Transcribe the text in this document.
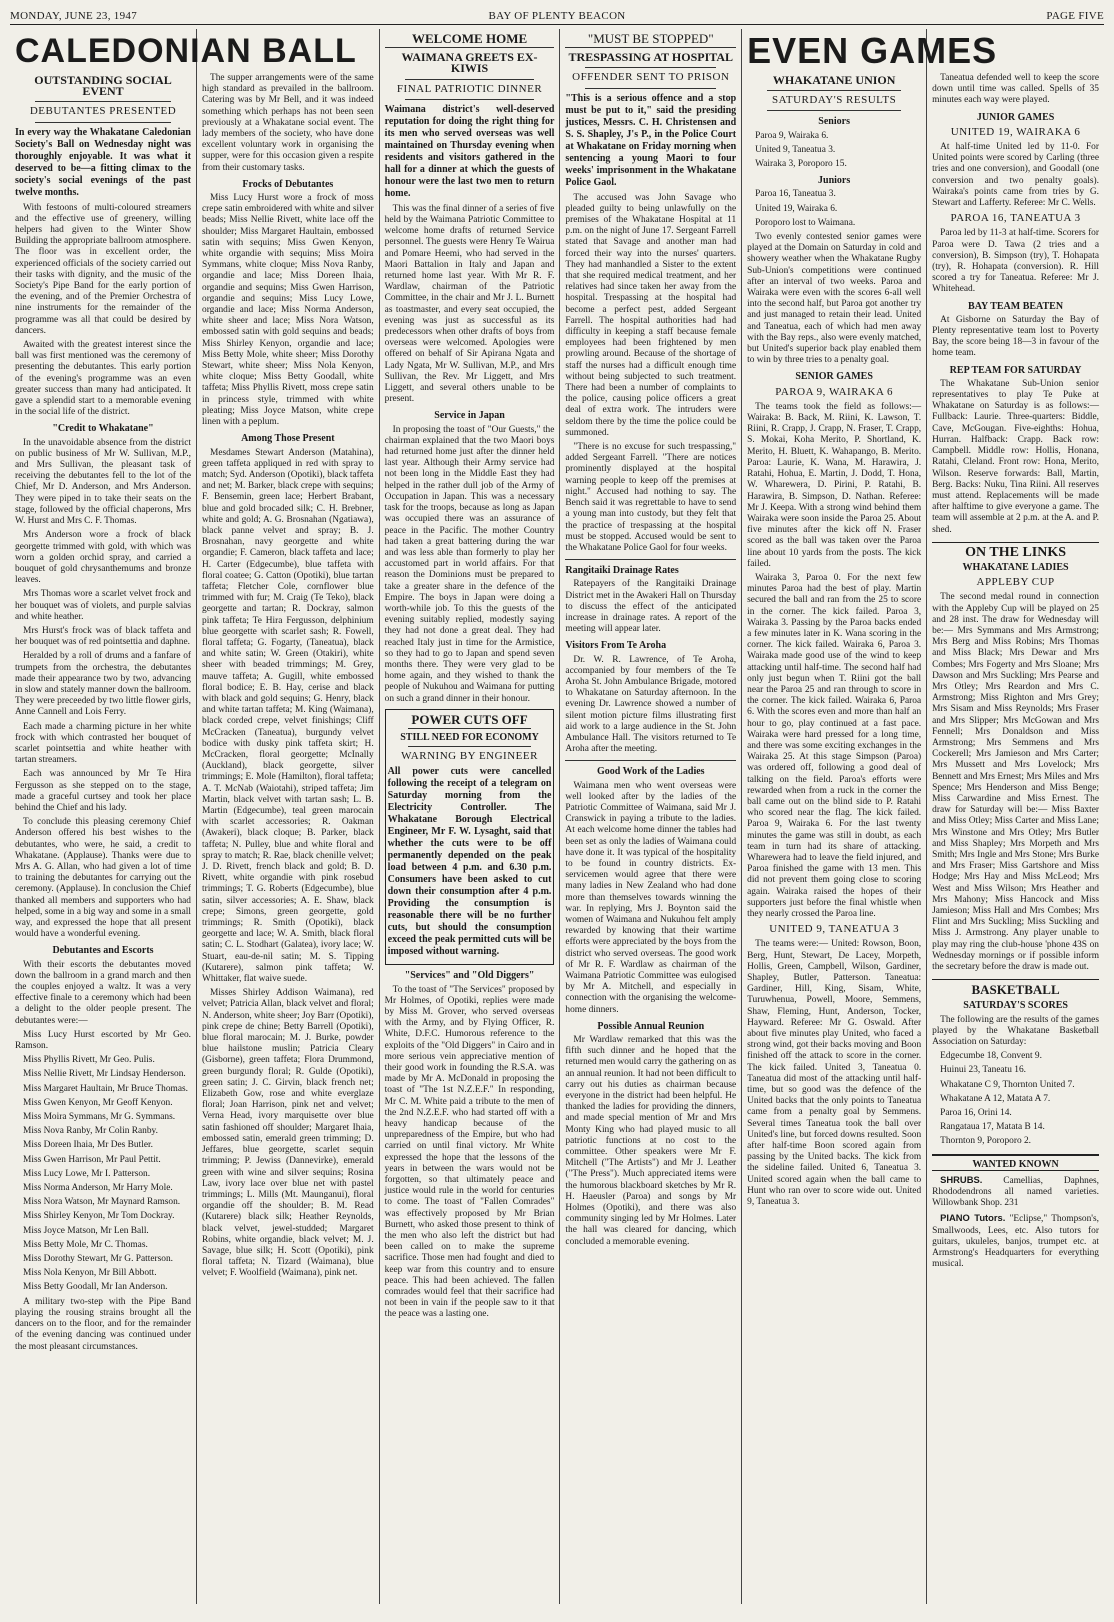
MONDAY, JUNE 23, 1947	BAY OF PLENTY BEACON	PAGE FIVE
CALEDONIAN BALL
OUTSTANDING SOCIAL EVENT
DEBUTANTES PRESENTED
In every way the Whakatane Caledonian Society's Ball on Wednesday night was thoroughly enjoyable. It was what it deserved to be—a fitting climax to the society's social evenings of the past twelve months.

With festoons of multi-coloured streamers and the effective use of greenery, willing helpers had given to the Winter Show Building the appropriate ballroom atmosphere. The floor was in excellent order, the experienced officials of the society carried out their tasks with dignity, and the music of the Society's Pipe Band for the early portion of the evening, and of the Premier Orchestra of nine instruments for the remainder of the programme was all that could be desired by dancers.

Awaited with the greatest interest since the ball was first mentioned was the ceremony of presenting the debutantes. This early portion of the evening's programme was an even greater success than many had anticipated. It gave a splendid start to a memorable evening in the social life of the district.

"Credit to Whakatane"

In the unavoidable absence from the district on public business of Mr W. Sullivan, M.P., and Mrs Sullivan, the pleasant task of receiving the debutantes fell to the lot of the Chief, Mr D. Anderson, and Mrs Anderson. They were piped in to take their seats on the stage, followed by the official chaperons, Mrs W. Hurst and Mrs C. F. Thomas.

Mrs Anderson wore a frock of black georgette trimmed with gold, with which was worn a golden orchid spray, and carried a bouquet of gold chrysanthemums and bronze leaves.

Mrs Thomas wore a scarlet velvet frock and her bouquet was of violets, and purple salvias and white heather.

Mrs Hurst's frock was of black taffeta and her bouquet was of red pointsettia and daphne.

Heralded by a roll of drums and a fanfare of trumpets from the orchestra, the debutantes made their appearance two by two, advancing in slow and stately manner down the ballroom. They were preceeded by two little flower girls, Anne Cannell and Lois Ferry.

Each made a charming picture in her white frock with which contrasted her bouquet of scarlet pointsettia and white heather with tartan streamers.

Each was announced by Mr Te Hira Fergusson as she stepped on to the stage, made a graceful curtsey and took her place behind the Chief and his lady.

To conclude this pleasing ceremony Chief Anderson offered his best wishes to the debutantes, who were, he said, a credit to Whakatane. (Applause). Thanks were due to Mrs A. G. Allan, who had given a lot of time to training the debutantes for carrying out the ceremony. (Applause). In conclusion the Chief thanked all members and supporters who had helped, some in a big way and some in a small way, and expressed the hope that all present would have a wonderful evening.

Debutantes and Escorts

With their escorts the debutantes moved down the ballroom in a grand march and then the couples enjoyed a waltz. It was a very effective finale to a ceremony which had been a delight to the older people present. The debutantes were:—

Miss Lucy Hurst escorted by Mr Geo. Ramson.

Miss Phyllis Rivett, Mr Geo. Pulis.

Miss Nellie Rivett, Mr Lindsay Henderson.

Miss Margaret Haultain, Mr Bruce Thomas.

Miss Gwen Kenyon, Mr Geoff Kenyon.

Miss Moira Symmans, Mr G. Symmans.

Miss Nova Ranby, Mr Colin Ranby.

Miss Doreen Ihaia, Mr Des Butler.

Miss Gwen Harrison, Mr Paul Pettit.

Miss Lucy Lowe, Mr I. Patterson.

Miss Norma Anderson, Mr Harry Mole.

Miss Nora Watson, Mr Maynard Ramson.

Miss Shirley Kenyon, Mr Tom Dockray.

Miss Joyce Matson, Mr Len Ball.

Miss Betty Mole, Mr C. Thomas.

Miss Dorothy Stewart, Mr G. Patterson.

Miss Nola Kenyon, Mr Bill Abbott.

Miss Betty Goodall, Mr Ian Anderson.

A military two-step with the Pipe Band playing the rousing strains brought all the dancers on to the floor, and for the remainder of the evening dancing was continued under the most pleasant circumstances.

The supper arrangements were of the same high standard as prevailed in the ballroom. Catering was by Mr Bell, and it was indeed something which perhaps has not been seen previously at a Whakatane social event. The lady members of the society, who have done excellent voluntary work in organising the supper, were for this occasion given a respite from their customary tasks.

Frocks of Debutantes

Miss Lucy Hurst wore a frock of moss crepe satin embroidered with white and silver beads; Miss Nellie Rivett, white lace off the shoulder; Miss Margaret Haultain, embossed satin with sequins; Miss Gwen Kenyon, white organdie with sequins; Miss Moira Symmans, white cloque; Miss Nova Ranby, organdie and lace; Miss Doreen Ihaia, organdie and sequins; Miss Gwen Harrison, organdie and sequins; Miss Lucy Lowe, organdie and lace; Miss Norma Anderson, white sheer and lace; Miss Nora Watson, embossed satin with gold sequins and beads; Miss Shirley Kenyon, organdie and lace; Miss Betty Mole, white sheer; Miss Dorothy Stewart, white sheer; Miss Nola Kenyon, white cloque; Miss Betty Goodall, white taffeta; Miss Phyllis Rivett, moss crepe satin in princess style, trimmed with white pleating; Miss Joyce Matson, white crepe linen with a peplum.

Among Those Present

Mesdames Stewart Anderson (Matahina), green taffeta appliqued in red with spray to match; Syd. Anderson (Opotiki), black taffeta and net; M. Barker, black crepe with sequins; F. Bensemin, green lace; Herbert Brabant, blue and gold brocaded silk; C. H. Brebner, white and gold; A. G. Brosnahan (Ngatiawa), black panne velvet and spray; B. J. Brosnahan, navy georgette and white organdie; F. Cameron, black taffeta and lace; H. Carter (Edgecumbe), blue taffeta with floral coatee; G. Catton (Opotiki), blue tartan taffeta; Fletcher Cole, cornflower blue trimmed with fur; M. Craig (Te Teko), black georgette and tartan; R. Dockray, salmon pink taffeta; Te Hira Fergusson, delphinium blue georgette with scarlet sash; R. Fowell, floral taffeta; G. Fogarty, (Taneatua), black and white satin; W. Green (Otakiri), white sheer with beaded trimmings; M. Grey, mauve taffeta; A. Gugill, white embossed floral bodice; E. B. Hay, cerise and black with black and gold sequins; G. Henry, black and white tartan taffeta; M. King (Waimana), black corded crepe, velvet finishings; Cliff McCracken (Taneatua), burgundy velvet bodice with dusky pink taffeta skirt; H. McCracken, floral georgette; McInally (Auckland), black georgette, silver trimmings; E. Mole (Hamilton), floral taffeta; A. T. McNab (Waiotahi), striped taffeta; Jim Martin, black velvet with tartan sash; L. B. Martin (Edgecumbe), teal green marocain with scarlet accessories; R. Oakman (Awakeri), black cloque; B. Parker, black taffeta; N. Pulley, blue and white floral and spray to match; R. Rae, black chenille velvet; J. D. Rivett, french black and gold; B. D. Rivett, white organdie with pink rosebud trimmings; T. G. Roberts (Edgecumbe), blue satin, silver accessories; A. E. Shaw, black crepe; Simons, green georgette, gold trimmings; R. Smith (Opotiki), black georgette and lace; W. A. Smith, black floral satin; C. L. Stodhart (Galatea), ivory lace; W. Stuart, eau-de-nil satin; M. S. Tipping (Kutarere), salmon pink taffeta; W. Whittaker, flat waive suede.

Misses Shirley Addison Waimana), red velvet; Patricia Allan, black velvet and floral; N. Anderson, white sheer; Joy Barr (Opotiki), pink crepe de chine; Betty Barrell (Opotiki), blue floral marocain; M. J. Burke, powder blue hailstone muslin; Patricia Cleary (Gisborne), green taffeta; Flora Drummond, green burgundy floral; R. Gulde (Opotiki), green satin; J. C. Girvin, black french net; Elizabeth Gow, rose and white everglaze floral; Joan Harrison, pink net and velvet; Verna Head, ivory marquisette over blue satin fashioned off shoulder; Margaret Ihaia, embossed satin, emerald green trimming; D. Jeffares, blue georgette, scarlet sequin trimming; P. Jewiss (Dannevirke), emerald green with wine and silver sequins; Rosina Law, ivory lace over blue net with pastel trimmings; L. Mills (Mt. Maunganui), floral organdie off the shoulder; B. M. Read (Kutarere) black silk; Heather Reynolds, black velvet, jewel-studded; Margaret Robins, white organdie, black velvet; M. J. Savage, blue silk; H. Scott (Opotiki), pink floral taffeta; N. Tizard (Waimana), blue velvet; F. Woolfield (Waimana), pink net.

WELCOME HOME
WAIMANA GREETS EX-KIWIS
FINAL PATRIOTIC DINNER
Waimana district's well-deserved reputation for doing the right thing for its men who served overseas was well maintained on Thursday evening when residents and visitors gathered in the hall for a dinner at which the guests of honour were the last two men to return home.

This was the final dinner of a series of five held by the Waimana Patriotic Committee to welcome home drafts of returned Service personnel. The guests were Henry Te Wairua and Pomare Heemi, who had served in the Maori Battalion in Italy and Japan and returned home last year. With Mr R. F. Wardlaw, chairman of the Patriotic Committee, in the chair and Mr J. L. Burnett as toastmaster, and every seat occupied, the evening was just as successful as its predecessors when other drafts of boys from overseas were welcomed. Apologies were offered on behalf of Sir Apirana Ngata and Lady Ngata, Mr W. Sullivan, M.P., and Mrs Sullivan, the Rev. Mr Liggett, and Mrs Liggett, and several others unable to be present.

Service in Japan

In proposing the toast of "Our Guests," the chairman explained that the two Maori boys had returned home just after the dinner held last year. Although their Army service had not been long in the Middle East they had helped in the rather dull job of the Army of Occupation in Japan. This was a necessary task for the troops, because as long as Japan was occupied there was an assurance of peace in the Pacific. The mother Country had taken a great battering during the war and was less able than formerly to play her accustomed part in world affairs. For that reason the Dominions must be prepared to take a greater share in the defence of the Empire. The boys in Japan were doing a worth-while job. To this the guests of the evening suitably replied, modestly saying they had not done a great deal. They had reached Italy just in time for the Armistice, so they had to go to Japan and spend seven months there. They were very glad to be home again, and they wished to thank the people of Nukuhou and Waimana for putting on such a grand dinner in their honour.

POWER CUTS OFF
STILL NEED FOR ECONOMY
WARNING BY ENGINEER
All power cuts were cancelled following the receipt of a telegram on Saturday morning from the Electricity Controller. The Whakatane Borough Electrical Engineer, Mr F. W. Lysaght, said that whether the cuts were to be off permanently depended on the peak load between 4 p.m. and 6.30 p.m. Consumers have been asked to cut down their consumption after 4 p.m. Providing the consumption is reasonable there will be no further cuts, but should the consumption exceed the peak permitted cuts will be imposed without warning.
"Services" and "Old Diggers"

To the toast of "The Services" proposed by Mr Holmes, of Opotiki, replies were made by Miss M. Grover, who served overseas with the Army, and by Flying Officer, R. White, D.F.C. Humorous reference to the exploits of the "Old Diggers" in Cairo and in more serious vein appreciative mention of their good work in founding the R.S.A. was made by Mr A. McDonald in proposing the toast of "The 1st N.Z.E.F." In responding, Mr C. M. White paid a tribute to the men of the 2nd N.Z.E.F. who had started off with a heavy handicap because of the unpreparedness of the Empire, but who had carried on until final victory. Mr White expressed the hope that the lessons of the years in between the wars would not be forgotten, so that ultimately peace and justice would rule in the world for centuries to come. The toast of "Fallen Comrades" was effectively proposed by Mr Brian Burnett, who asked those present to think of the men who also left the district but had been called on to make the supreme sacrifice. Those men had fought and died to keep war from this country and to ensure peace. This had been achieved. The fallen comrades would feel that their sacrifice had not been in vain if the people saw to it that the peace was a lasting one.

"MUST BE STOPPED"
TRESPASSING AT HOSPITAL
OFFENDER SENT TO PRISON
"This is a serious offence and a stop must be put to it," said the presiding justices, Messrs. C. H. Christensen and S. S. Shapley, J's P., in the Police Court at Whakatane on Friday morning when sentencing a young Maori to four weeks' imprisonment in the Whakatane Police Gaol.

The accused was John Savage who pleaded guilty to being unlawfully on the premises of the Whakatane Hospital at 11 p.m. on the night of June 17. Sergeant Farrell stated that Savage and another man had forced their way into the nurses' quarters. They had manhandled a Sister to the extent that she required medical treatment, and her relatives had since taken her away from the hospital. Trespassing at the hospital had become a perfect pest, added Sergeant Farrell. The hospital authorities had had difficulty in keeping a staff because female employees had been frightened by men prowling around. Because of the shortage of staff the nurses had a difficult enough time without being subjected to such treatment. There had been a number of complaints to the police, causing police officers a great deal of extra work. The intruders were seldom there by the time the police could be summoned.

"There is no excuse for such trespassing," added Sergeant Farrell. "There are notices prominently displayed at the hospital warning people to keep off the premises at night." Accused had nothing to say. The Bench said it was regrettable to have to send a young man into custody, but they felt that the practice of trespassing at the hospital must be stopped. Accused would be sent to the Whakatane Police Gaol for four weeks.

Rangitaiki Drainage Rates

Ratepayers of the Rangitaiki Drainage District met in the Awakeri Hall on Thursday to discuss the effect of the anticipated increase in drainage rates. A report of the meeting will appear later.

Visitors From Te Aroha

Dr. W. R. Lawrence, of Te Aroha, accompanied by four members of the Te Aroha St. John Ambulance Brigade, motored to Whakatane on Saturday afternoon. In the evening Dr. Lawrence showed a number of silent motion picture films illustrating first aid work to a large audience in the St. John Ambulance Hall. The visitors returned to Te Aroha after the meeting.

Good Work of the Ladies

Waimana men who went overseas were well looked after by the ladies of the Patriotic Committee of Waimana, said Mr J. Cranswick in paying a tribute to the ladies. At each welcome home dinner the tables had been set as only the ladies of Waimana could have done it. It was typical of the hospitality to be found in country districts. Ex-servicemen would agree that there were many ladies in New Zealand who had done more than themselves towards winning the war. In replying, Mrs J. Boynton said the women of Waimana and Nukuhou felt amply rewarded by knowing that their wartime efforts were appreciated by the boys from the district who served overseas. The good work of Mr R. F. Wardlaw as chairman of the Waimana Patriotic Committee was eulogised by Mr A. Mitchell, and especially in connection with the organising the welcome-home dinners.

Possible Annual Reunion

Mr Wardlaw remarked that this was the fifth such dinner and he hoped that the returned men would carry the gathering on as an annual reunion. It had not been difficult to carry out his duties as chairman because everyone in the district had been helpful. He thanked the ladies for providing the dinners, and made special mention of Mr and Mrs Monty King who had played music to all patriotic functions at no cost to the committee. Other speakers were Mr F. Mitchell ("The Artists") and Mr J. Leather ("The Press"). Much appreciated items were the humorous blackboard sketches by Mr R. H. Haeusler (Paroa) and songs by Mr Holmes (Opotiki), and there was also community singing led by Mr Holmes. Later the hall was cleared for dancing, which concluded a memorable evening.

EVEN GAMES
WHAKATANE UNION
SATURDAY'S RESULTS
Seniors

Paroa 9, Wairaka 6.

United 9, Taneatua 3.

Wairaka 3, Poroporo 15.

Juniors

Paroa 16, Taneatua 3.

United 19, Wairaka 6.

Poroporo lost to Waimana.

Two evenly contested senior games were played at the Domain on Saturday in cold and showery weather when the Whakatane Rugby Sub-Union's competitions were continued after an interval of two weeks. Paroa and Wairaka were even with the scores 6-all well into the second half, but Paroa got another try and just managed to retain their lead. United and Taneatua, each of which had men away with the Bay reps., also were evenly matched, but United's superior back play enabled them to win by three tries to a penalty goal.

SENIOR GAMES
PAROA 9, WAIRAKA 6

The teams took the field as follows:— Wairaka: B. Back, M. Riini, K. Lawson, T. Riini, R. Crapp, J. Crapp, N. Fraser, T. Crapp, S. Mokai, Koha Merito, P. Shortland, K. Merito, H. Bluett, K. Wahapango, B. Merito. Paroa: Laurie, K. Wana, M. Harawira, J. Ratahi, Hohua, E. Martin, J. Dodd, T. Hona, W. Wharewera, D. Pirini, P. Ratahi, B. Harawira, B. Simpson, D. Nathan. Referee: Mr J. Keepa. With a strong wind behind them Wairaka were soon inside the Paroa 25. About five minutes after the kick off N. Fraser scored as the ball was taken over the Paroa line about 10 yards from the posts. The kick failed.

Wairaka 3, Paroa 0. For the next few minutes Paroa had the best of play. Martin secured the ball and ran from the 25 to score in the corner. The kick failed. Paroa 3, Wairaka 3. Passing by the Paroa backs ended a few minutes later in K. Wana scoring in the corner. The kick failed. Wairaka 6, Paroa 3. Wairaka made good use of the wind to keep attacking until half-time. The second half had only just begun when T. Riini got the ball near the Paroa 25 and ran through to score in the corner. The kick failed. Wairaka 6, Paroa 6. With the scores even and more than half an hour to go, play continued at a fast pace. Wairaka were hard pressed for a long time, and there was some exciting exchanges in the Wairaka 25. At this stage Simpson (Paroa) was ordered off, following a good deal of talking on the field. Paroa's efforts were rewarded when from a ruck in the corner the ball came out on the blind side to P. Ratahi who scored near the flag. The kick failed. Paroa 9, Wairaka 6. For the last twenty minutes the game was still in doubt, as each team in turn had its share of attacking. Wharewera had to leave the field injured, and Paroa finished the game with 13 men. This did not prevent them going close to scoring again. Wairaka raised the hopes of their supporters just before the final whistle when they nearly crossed the Paroa line.

UNITED 9, TANEATUA 3

The teams were:— United: Rowson, Boon, Berg, Hunt, Stewart, De Lacey, Morpeth, Hollis, Green, Campbell, Wilson, Gardiner, Shapley, Butler, Patterson. Taneatua: Gardiner, Hill, King, Sisam, White, Turuwhenua, Powell, Moore, Semmens, Shaw, Fleming, Hunt, Anderson, Tocker, Hayward. Referee: Mr G. Oswald. After about five minutes play United, who faced a strong wind, got their backs moving and Boon finished off the attack to score in the corner. The kick failed. United 3, Taneatua 0. Taneatua did most of the attacking until half-time, but so good was the defence of the United backs that the only points to Taneatua came from a penalty goal by Semmens. Several times Taneatua took the ball over United's line, but forced downs resulted. Soon after half-time Boon scored again from passing by the United backs. The kick from the sideline failed. United 6, Taneatua 3. United scored again when the ball came to Hunt who ran over to score wide out. United 9, Taneatua 3.

Taneatua defended well to keep the score down until time was called. Spells of 35 minutes each way were played.

JUNIOR GAMES
UNITED 19, WAIRAKA 6

At half-time United led by 11-0. For United points were scored by Carling (three tries and one conversion), and Goodall (one conversion and two penalty goals). Wairaka's points came from tries by G. Stewart and Lafferty. Referee: Mr C. Wells.

PAROA 16, TANEATUA 3

Paroa led by 11-3 at half-time. Scorers for Paroa were D. Tawa (2 tries and a conversion), B. Simpson (try), T. Hohapata (try), R. Hohapata (conversion). R. Hill scored a try for Taneatua. Referee: Mr J. Whitehead.

BAY TEAM BEATEN

At Gisborne on Saturday the Bay of Plenty representative team lost to Poverty Bay, the score being 18—3 in favour of the home team.

REP TEAM FOR SATURDAY

The Whakatane Sub-Union senior representatives to play Te Puke at Whakatane on Saturday is as follows:— Fullback: Laurie. Three-quarters: Biddle, Cave, McGougan. Five-eighths: Hohua, Hurran. Halfback: Crapp. Back row: Campbell. Middle row: Hollis, Honana, Ratahi, Cleland. Front row: Hona, Merito, Wilson. Reserve forwards: Ball, Martin, Berg. Backs: Nuku, Tina Riini. All reserves must attend. Replacements will be made after halftime to give everyone a game. The team will assemble at 2 p.m. at the A. and P. shed.

ON THE LINKS
WHAKATANE LADIES
APPLEBY CUP

The second medal round in connection with the Appleby Cup will be played on 25 and 28 inst. The draw for Wednesday will be:— Mrs Symmans and Mrs Armstrong; Mrs Berg and Miss Robins; Mrs Thomas and Miss Black; Mrs Dewar and Mrs Combes; Mrs Fogerty and Mrs Sloane; Mrs Dawson and Mrs Suckling; Mrs Pearse and Mrs Otley; Mrs Reardon and Mrs C. Armstrong; Miss Righton and Mrs Grey; Mrs Sisam and Miss Reynolds; Mrs Fraser and Mrs Slipper; Mrs McGowan and Mrs Fennell; Mrs Donaldson and Miss Armstrong; Mrs Semmens and Mrs Cockerell; Mrs Jamieson and Mrs Carter; Mrs Mussett and Mrs Lovelock; Mrs Bennett and Mrs Ernest; Mrs Miles and Mrs Spence; Mrs Henderson and Miss Benge; Miss Carwardine and Miss Ernest. The draw for Saturday will be:— Miss Baxter and Miss Otley; Miss Carter and Miss Lane; Mrs Winstone and Mrs Otley; Mrs Butler and Miss Shapley; Mrs Morpeth and Mrs Smith; Mrs Ingle and Mrs Stone; Mrs Burke and Mrs Fraser; Miss Gartshore and Miss Hodge; Mrs Hay and Miss McLeod; Mrs West and Miss Wilson; Mrs Heather and Mrs Mahony; Miss Hancock and Miss Jamieson; Miss Hall and Mrs Combes; Mrs Flint and Mrs Suckling; Miss Suckling and Miss J. Armstrong. Any player unable to play may ring the club-house 'phone 43S on Wednesday mornings or if possible inform the secretary before the draw is made out.

BASKETBALL
SATURDAY'S SCORES

The following are the results of the games played by the Whakatane Basketball Association on Saturday:

Edgecumbe 18, Convent 9.

Huinui 23, Taneatu 16.

Whakatane C 9, Thornton United 7.

Whakatane A 12, Matata A 7.

Paroa 16, Orini 14.

Rangataua 17, Matata B 14.

Thornton 9, Poroporo 2.

WANTED KNOWN

SHRUBS. Camellias, Daphnes, Rhododendrons all named varieties. Willowbank Shop. 231

PIANO Tutors. "Eclipse," Thompson's, Smallwoods, Lees, etc. Also tutors for guitars, ukuleles, banjos, trumpet etc. at Armstrong's Headquarters for everything musical.
